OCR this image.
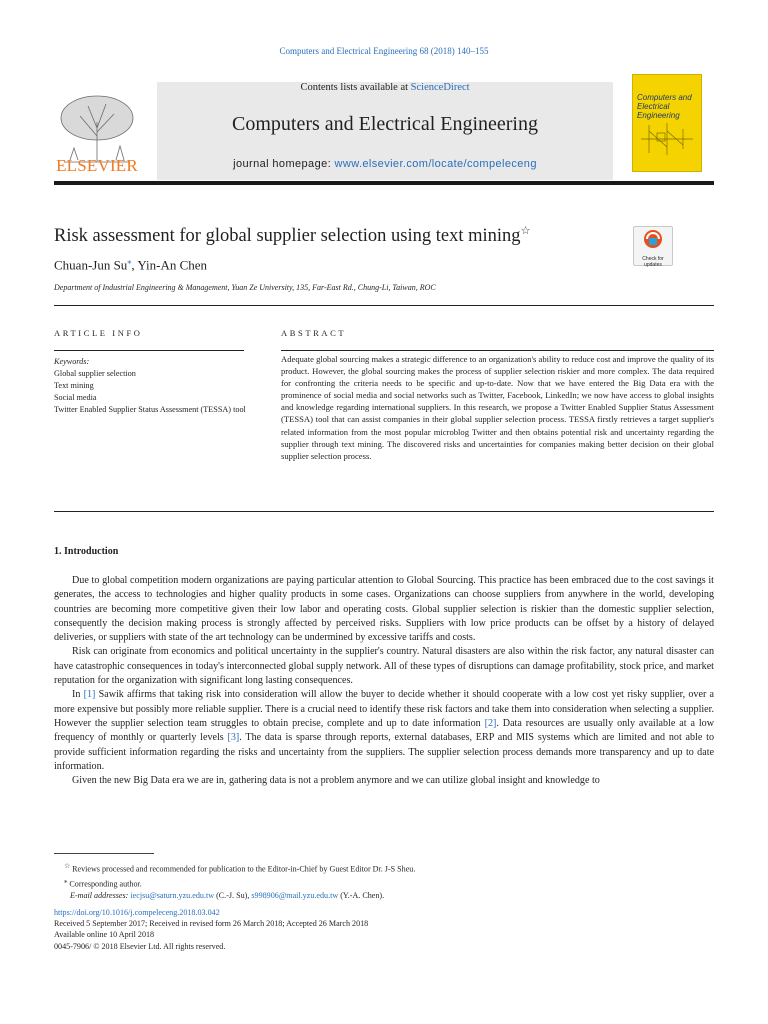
Computers and Electrical Engineering 68 (2018) 140–155
ELSEVIER
Contents lists available at ScienceDirect
Computers and Electrical Engineering
journal homepage: www.elsevier.com/locate/compeleceng
Computers and Electrical Engineering
Risk assessment for global supplier selection using text mining☆
Check for updates
Chuan-Jun Su⁎, Yin-An Chen
Department of Industrial Engineering & Management, Yuan Ze University, 135, Far-East Rd., Chung-Li, Taiwan, ROC
ARTICLE INFO	ABSTRACT
Keywords:
Global supplier selection
Text mining
Social media
Twitter Enabled Supplier Status Assessment (TESSA) tool
Adequate global sourcing makes a strategic difference to an organization's ability to reduce cost and improve the quality of its product. However, the global sourcing makes the process of supplier selection riskier and more complex. The data required for confronting the criteria needs to be specific and up-to-date. Now that we have entered the Big Data era with the prominence of social media and social networks such as Twitter, Facebook, LinkedIn; we now have access to global insights and knowledge regarding international suppliers. In this research, we propose a Twitter Enabled Supplier Status Assessment (TESSA) tool that can assist companies in their global supplier selection process. TESSA firstly retrieves a target supplier's related information from the most popular microblog Twitter and then obtains potential risk and uncertainty regarding the supplier through text mining. The discovered risks and uncertainties for companies making better decision on their global supplier selection process.
1. Introduction

Due to global competition modern organizations are paying particular attention to Global Sourcing. This practice has been embraced due to the cost savings it generates, the access to technologies and higher quality products in some cases. Organizations can choose suppliers from anywhere in the world, developing countries are becoming more competitive given their low labor and operating costs. Global supplier selection is riskier than the domestic supplier selection, consequently the decision making process is strongly affected by perceived risks. Suppliers with low price products can be offset by a history of delayed deliveries, or suppliers with state of the art technology can be undermined by excessive tariffs and costs.

Risk can originate from economics and political uncertainty in the supplier's country. Natural disasters are also within the risk factor, any natural disaster can have catastrophic consequences in today's interconnected global supply network. All of these types of disruptions can damage profitability, stock price, and market reputation for the organization with significant long lasting consequences.

In [1] Sawik affirms that taking risk into consideration will allow the buyer to decide whether it should cooperate with a low cost yet risky supplier, over a more expensive but possibly more reliable supplier. There is a crucial need to identify these risk factors and take them into consideration when selecting a supplier. However the supplier selection team struggles to obtain precise, complete and up to date information [2]. Data resources are usually only available at a low frequency of monthly or quarterly levels [3]. The data is sparse through reports, external databases, ERP and MIS systems which are limited and not able to provide sufficient information regarding the risks and uncertainty from the suppliers. The supplier selection process demands more transparency and up to date information.

Given the new Big Data era we are in, gathering data is not a problem anymore and we can utilize global insight and knowledge to

☆ Reviews processed and recommended for publication to the Editor-in-Chief by Guest Editor Dr. J-S Sheu.
⁎ Corresponding author.
E-mail addresses: iecjsu@saturn.yzu.edu.tw (C.-J. Su), s998906@mail.yzu.edu.tw (Y.-A. Chen).
https://doi.org/10.1016/j.compeleceng.2018.03.042
Received 5 September 2017; Received in revised form 26 March 2018; Accepted 26 March 2018
Available online 10 April 2018
0045-7906/ © 2018 Elsevier Ltd. All rights reserved.
